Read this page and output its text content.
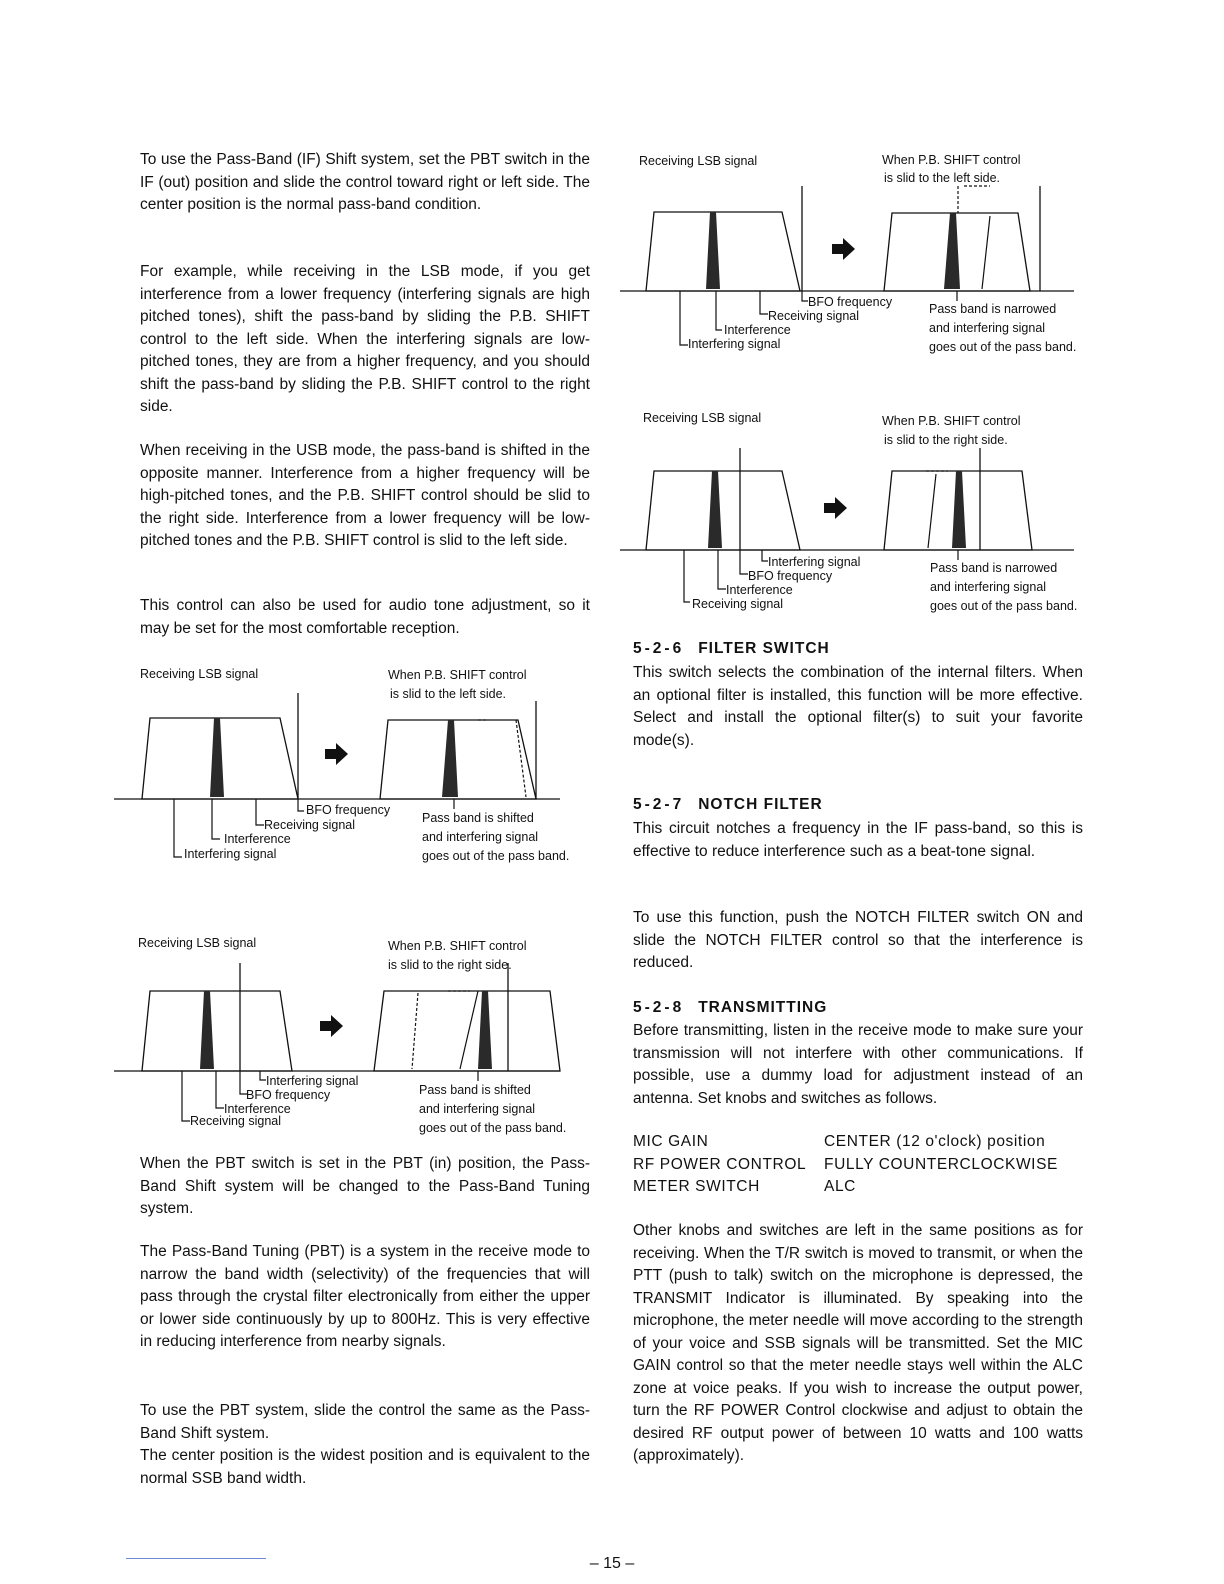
To use the Pass-Band (IF) Shift system, set the PBT switch in the IF (out) position and slide the control toward right or left side. The center position is the normal pass-band condition.

For example, while receiving in the LSB mode, if you get interference from a lower frequency (interfering signals are high pitched tones), shift the pass-band by sliding the P.B. SHIFT control to the left side. When the interfering signals are low-pitched tones, they are from a higher frequency, and you should shift the pass-band by sliding the P.B. SHIFT control to the right side.

When receiving in the USB mode, the pass-band is shifted in the opposite manner. Interference from a higher frequency will be high-pitched tones, and the P.B. SHIFT control should be slid to the right side. Interference from a lower frequency will be low-pitched tones and the P.B. SHIFT control is slid to the left side.

This control can also be used for audio tone adjustment, so it may be set for the most comfortable reception.

Receiving LSB signal	When P.B. SHIFT control
is slid to the left side.
BFO frequency
Receiving signal
Interference
Interfering signal
Pass band is shifted
and interfering signal
goes out of the pass band.
Receiving LSB signal	When P.B. SHIFT control
is slid to the right side.
Interfering signal
BFO frequency
Interference
Receiving signal
Pass band is shifted
and interfering signal
goes out of the pass band.

When the PBT switch is set in the PBT (in) position, the Pass-Band Shift system will be changed to the Pass-Band Tuning system.

The Pass-Band Tuning (PBT) is a system in the receive mode to narrow the band width (selectivity) of the frequencies that will pass through the crystal filter electronically from either the upper or lower side continuously by up to 800Hz. This is very effective in reducing interference from nearby signals.

To use the PBT system, slide the control the same as the Pass-Band Shift system.

The center position is the widest position and is equivalent to the normal SSB band width.

Receiving LSB signal	When P.B. SHIFT control
is slid to the left side.
BFO frequency
Receiving signal
Interference
Interfering signal
Pass band is narrowed
and interfering signal
goes out of the pass band.
Receiving LSB signal	When P.B. SHIFT control
is slid to the right side.
Interfering signal
BFO frequency
Interference
Receiving signal
Pass band is narrowed
and interfering signal
goes out of the pass band.
5-2-6 FILTER SWITCH

This switch selects the combination of the internal filters. When an optional filter is installed, this function will be more effective. Select and install the optional filter(s) to suit your favorite mode(s).

5-2-7 NOTCH FILTER

This circuit notches a frequency in the IF pass-band, so this is effective to reduce interference such as a beat-tone signal.

To use this function, push the NOTCH FILTER switch ON and slide the NOTCH FILTER control so that the interference is reduced.

5-2-8 TRANSMITTING

Before transmitting, listen in the receive mode to make sure your transmission will not interfere with other communications. If possible, use a dummy load for adjustment instead of an antenna. Set knobs and switches as follows.

MIC GAIN	CENTER (12 o'clock) position
RF POWER CONTROL	FULLY COUNTERCLOCKWISE
METER SWITCH	ALC

Other knobs and switches are left in the same positions as for receiving. When the T/R switch is moved to transmit, or when the PTT (push to talk) switch on the microphone is depressed, the TRANSMIT Indicator is illuminated. By speaking into the microphone, the meter needle will move according to the strength of your voice and SSB signals will be transmitted. Set the MIC GAIN control so that the meter needle stays well within the ALC zone at voice peaks. If you wish to increase the output power, turn the RF POWER Control clockwise and adjust to obtain the desired RF output power of between 10 watts and 100 watts (approximately).

– 15 –
